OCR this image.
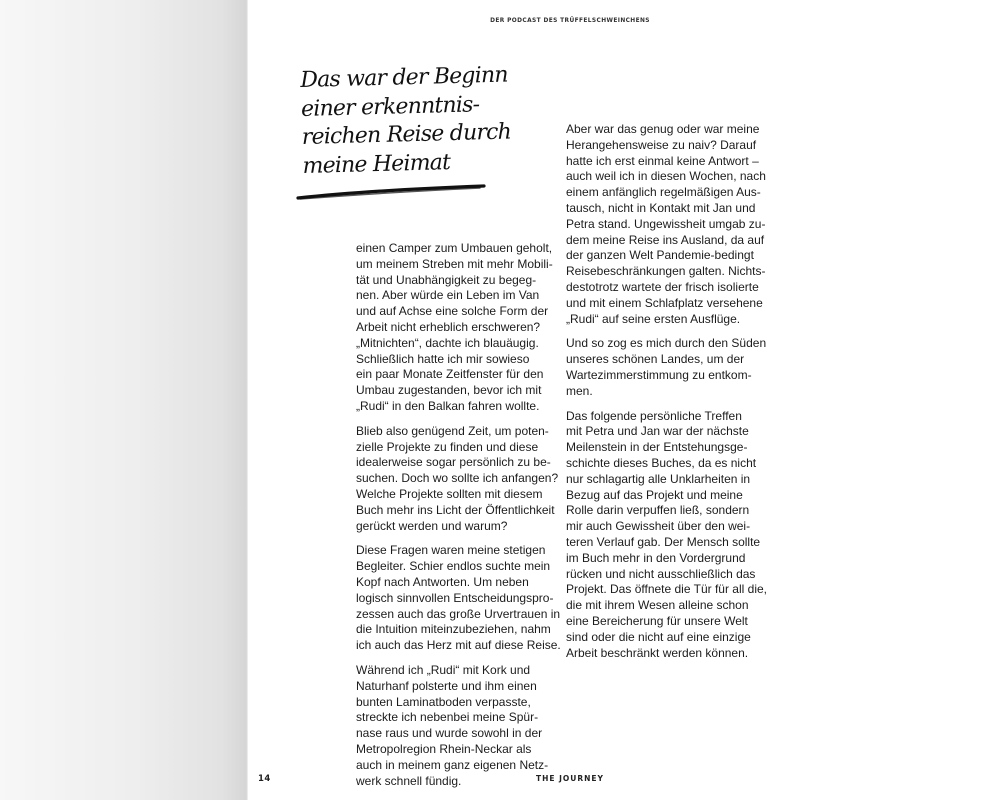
DER PODCAST DES TRÜFFELSCHWEINCHENS
Das war der Beginn
einer erkenntnis-
reichen Reise durch
meine Heimat

einen Camper zum Umbauen geholt,
um meinem Streben mit mehr Mobili-
tät und Unabhängigkeit zu begeg-
nen. Aber würde ein Leben im Van
und auf Achse eine solche Form der
Arbeit nicht erheblich erschweren?
„Mitnichten“, dachte ich blauäugig.
Schließlich hatte ich mir sowieso
ein paar Monate Zeitfenster für den
Umbau zugestanden, bevor ich mit
„Rudi“ in den Balkan fahren wollte.

Blieb also genügend Zeit, um poten-
zielle Projekte zu finden und diese
idealerweise sogar persönlich zu be-
suchen. Doch wo sollte ich anfangen?
Welche Projekte sollten mit diesem
Buch mehr ins Licht der Öffentlichkeit
gerückt werden und warum?

Diese Fragen waren meine stetigen
Begleiter. Schier endlos suchte mein
Kopf nach Antworten. Um neben
logisch sinnvollen Entscheidungspro-
zessen auch das große Urvertrauen in
die Intuition miteinzubeziehen, nahm
ich auch das Herz mit auf diese Reise.

Während ich „Rudi“ mit Kork und
Naturhanf polsterte und ihm einen
bunten Laminatboden verpasste,
streckte ich nebenbei meine Spür-
nase raus und wurde sowohl in der
Metropolregion Rhein-Neckar als
auch in meinem ganz eigenen Netz-
werk schnell fündig.

Aber war das genug oder war meine
Herangehensweise zu naiv? Darauf
hatte ich erst einmal keine Antwort –
auch weil ich in diesen Wochen, nach
einem anfänglich regelmäßigen Aus-
tausch, nicht in Kontakt mit Jan und
Petra stand. Ungewissheit umgab zu-
dem meine Reise ins Ausland, da auf
der ganzen Welt Pandemie-bedingt
Reisebeschränkungen galten. Nichts-
destotrotz wartete der frisch isolierte
und mit einem Schlafplatz versehene
„Rudi“ auf seine ersten Ausflüge.

Und so zog es mich durch den Süden
unseres schönen Landes, um der
Wartezimmerstimmung zu entkom-
men.

Das folgende persönliche Treffen
mit Petra und Jan war der nächste
Meilenstein in der Entstehungsge-
schichte dieses Buches, da es nicht
nur schlagartig alle Unklarheiten in
Bezug auf das Projekt und meine
Rolle darin verpuffen ließ, sondern
mir auch Gewissheit über den wei-
teren Verlauf gab. Der Mensch sollte
im Buch mehr in den Vordergrund
rücken und nicht ausschließlich das
Projekt. Das öffnete die Tür für all die,
die mit ihrem Wesen alleine schon
eine Bereicherung für unsere Welt
sind oder die nicht auf eine einzige
Arbeit beschränkt werden können.

14	THE JOURNEY
